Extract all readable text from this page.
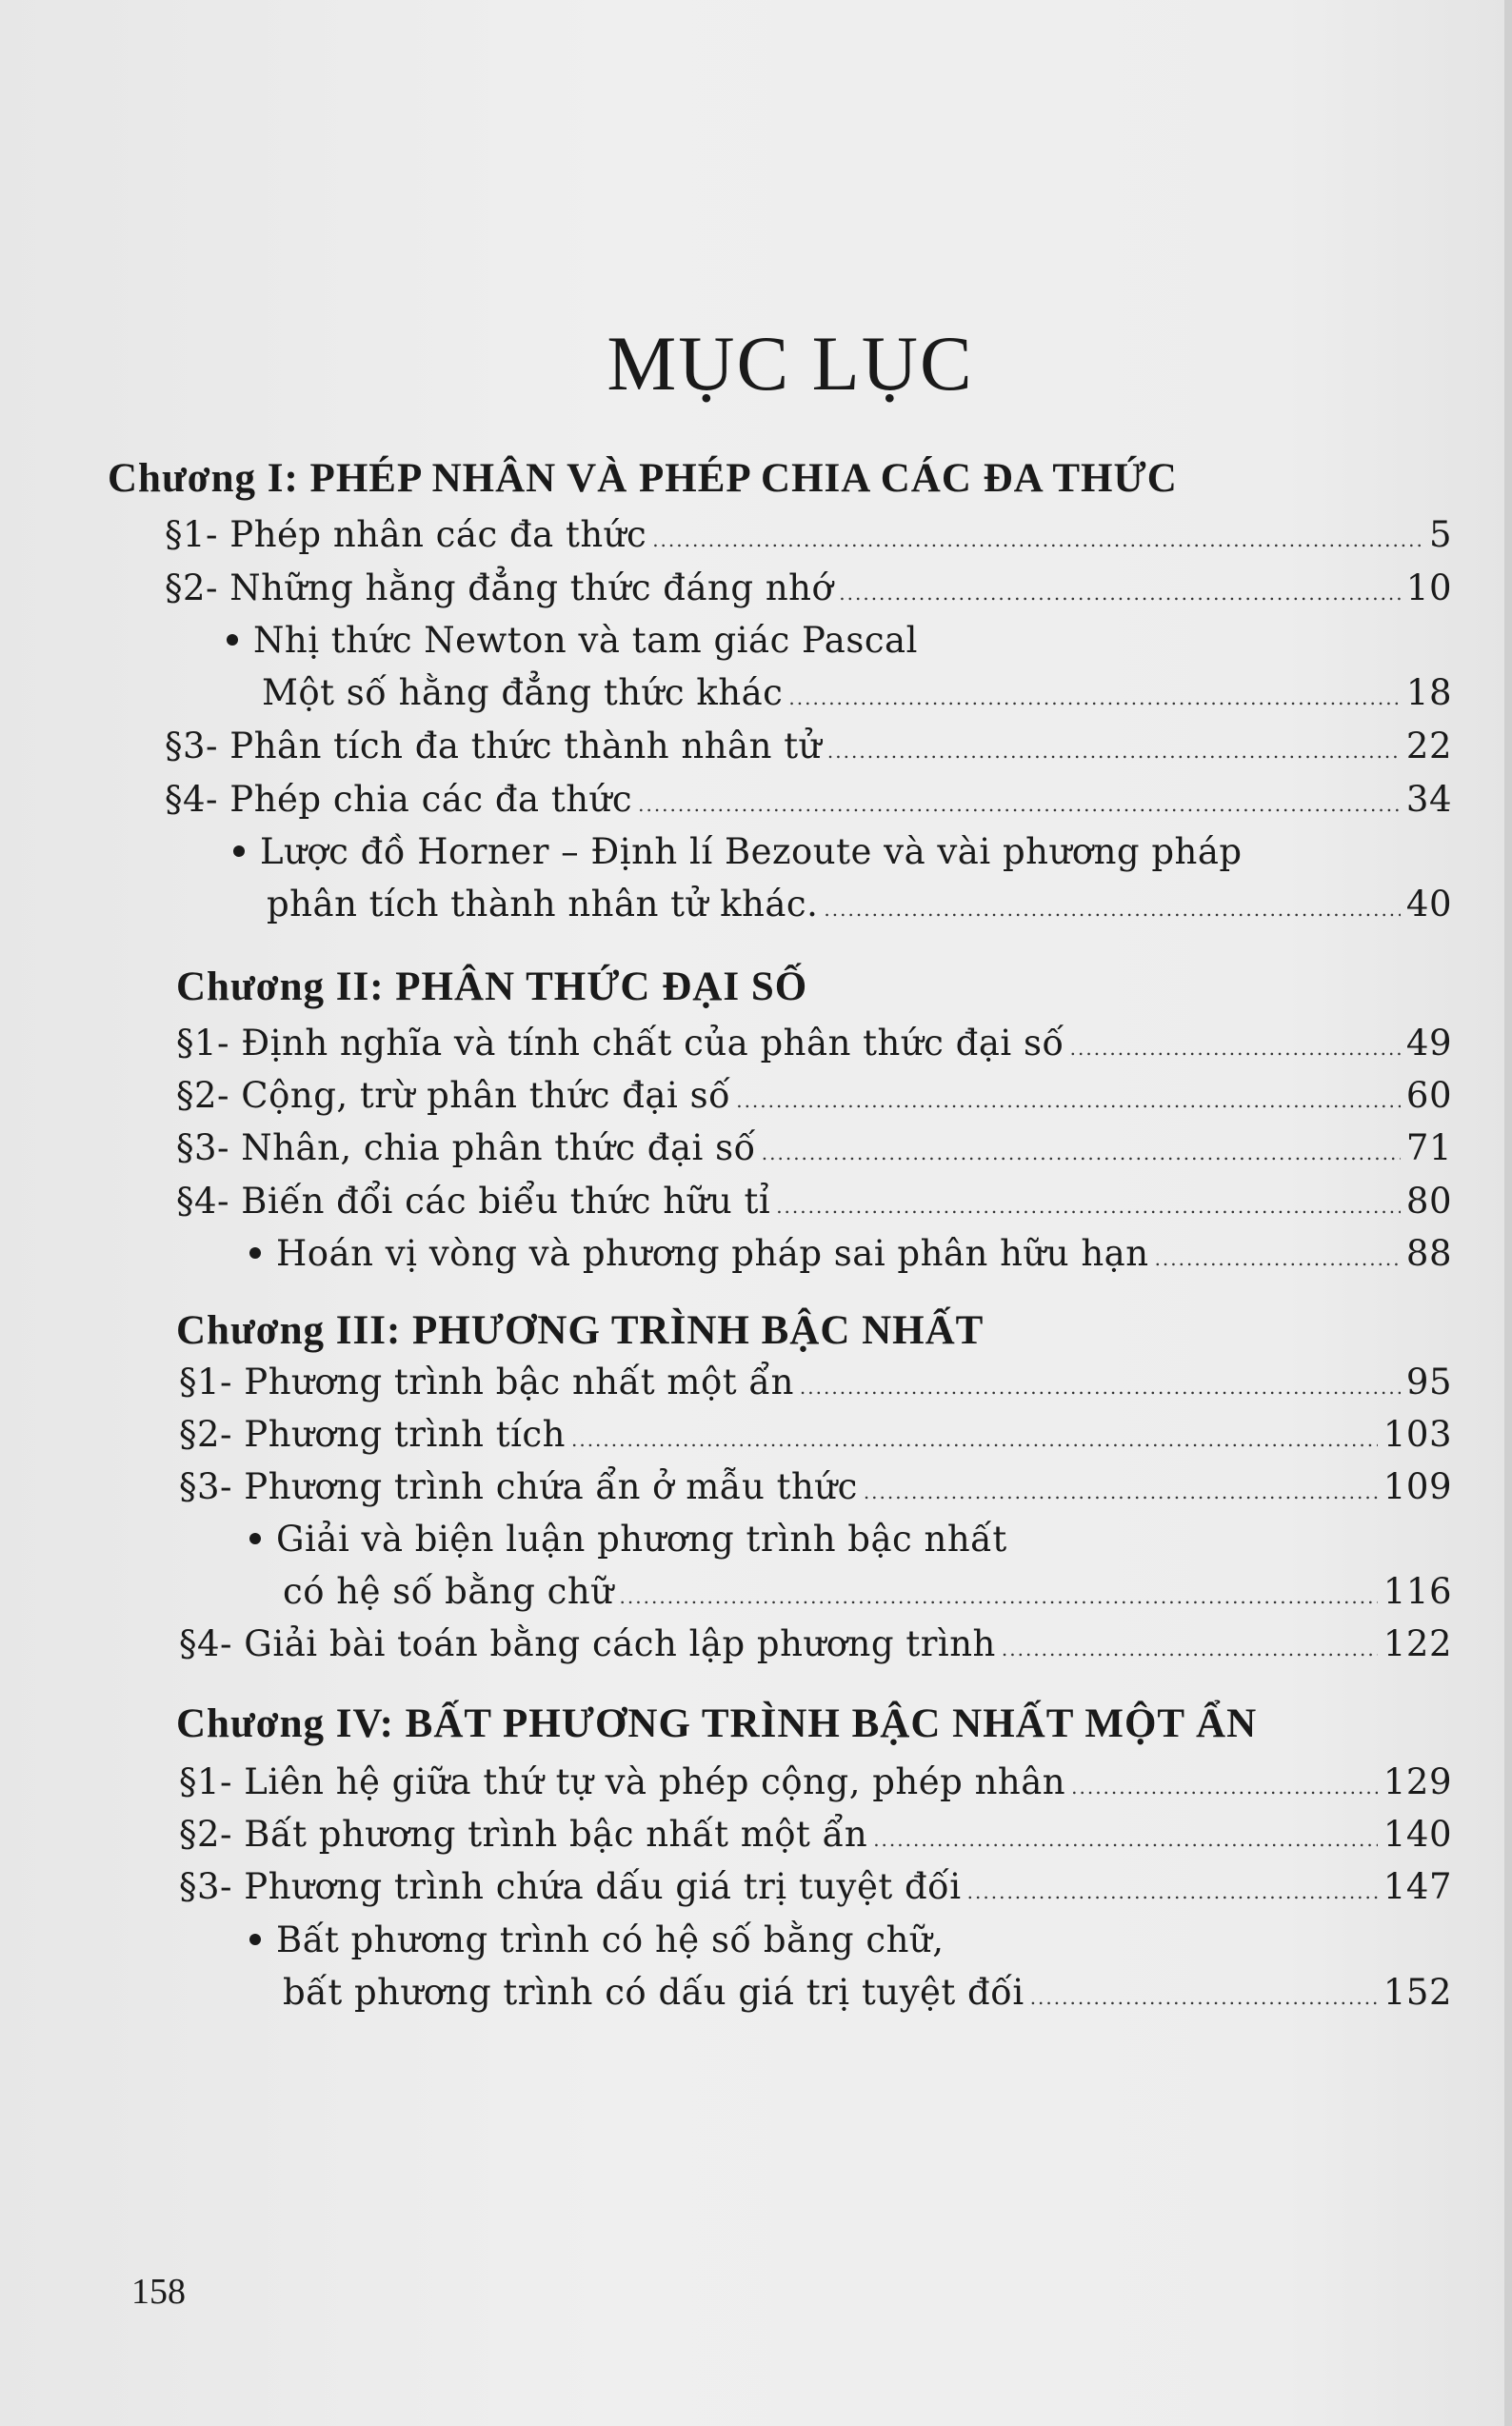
MỤC LỤC
Chương I: PHÉP NHÂN VÀ PHÉP CHIA CÁC ĐA THỨC
§1- Phép nhân các đa thức .....	5
§2- Những hằng đẳng thức đáng nhớ .....	10
Nhị thức Newton và tam giác Pascal
Một số hằng đẳng thức khác .....	18
§3- Phân tích đa thức thành nhân tử .....	22
§4- Phép chia các đa thức .....	34
Lược đồ Horner – Định lí Bezoute và vài phương pháp
phân tích thành nhân tử khác. .....	40
Chương II: PHÂN THỨC ĐẠI SỐ
§1- Định nghĩa và tính chất của phân thức đại số .....	49
§2- Cộng, trừ phân thức đại số .....	60
§3- Nhân, chia phân thức đại số .....	71
§4- Biến đổi các biểu thức hữu tỉ .....	80
Hoán vị vòng và phương pháp sai phân hữu hạn .....	88
Chương III: PHƯƠNG TRÌNH BẬC NHẤT
§1- Phương trình bậc nhất một ẩn .....	95
§2- Phương trình tích .....	103
§3- Phương trình chứa ẩn ở mẫu thức .....	109
Giải và biện luận phương trình bậc nhất
có hệ số bằng chữ .....	116
§4- Giải bài toán bằng cách lập phương trình .....	122
Chương IV: BẤT PHƯƠNG TRÌNH BẬC NHẤT MỘT ẨN
§1- Liên hệ giữa thứ tự và phép cộng, phép nhân .....	129
§2- Bất phương trình bậc nhất một ẩn .....	140
§3- Phương trình chứa dấu giá trị tuyệt đối .....	147
Bất phương trình có hệ số bằng chữ,
bất phương trình có dấu giá trị tuyệt đối .....	152
158
